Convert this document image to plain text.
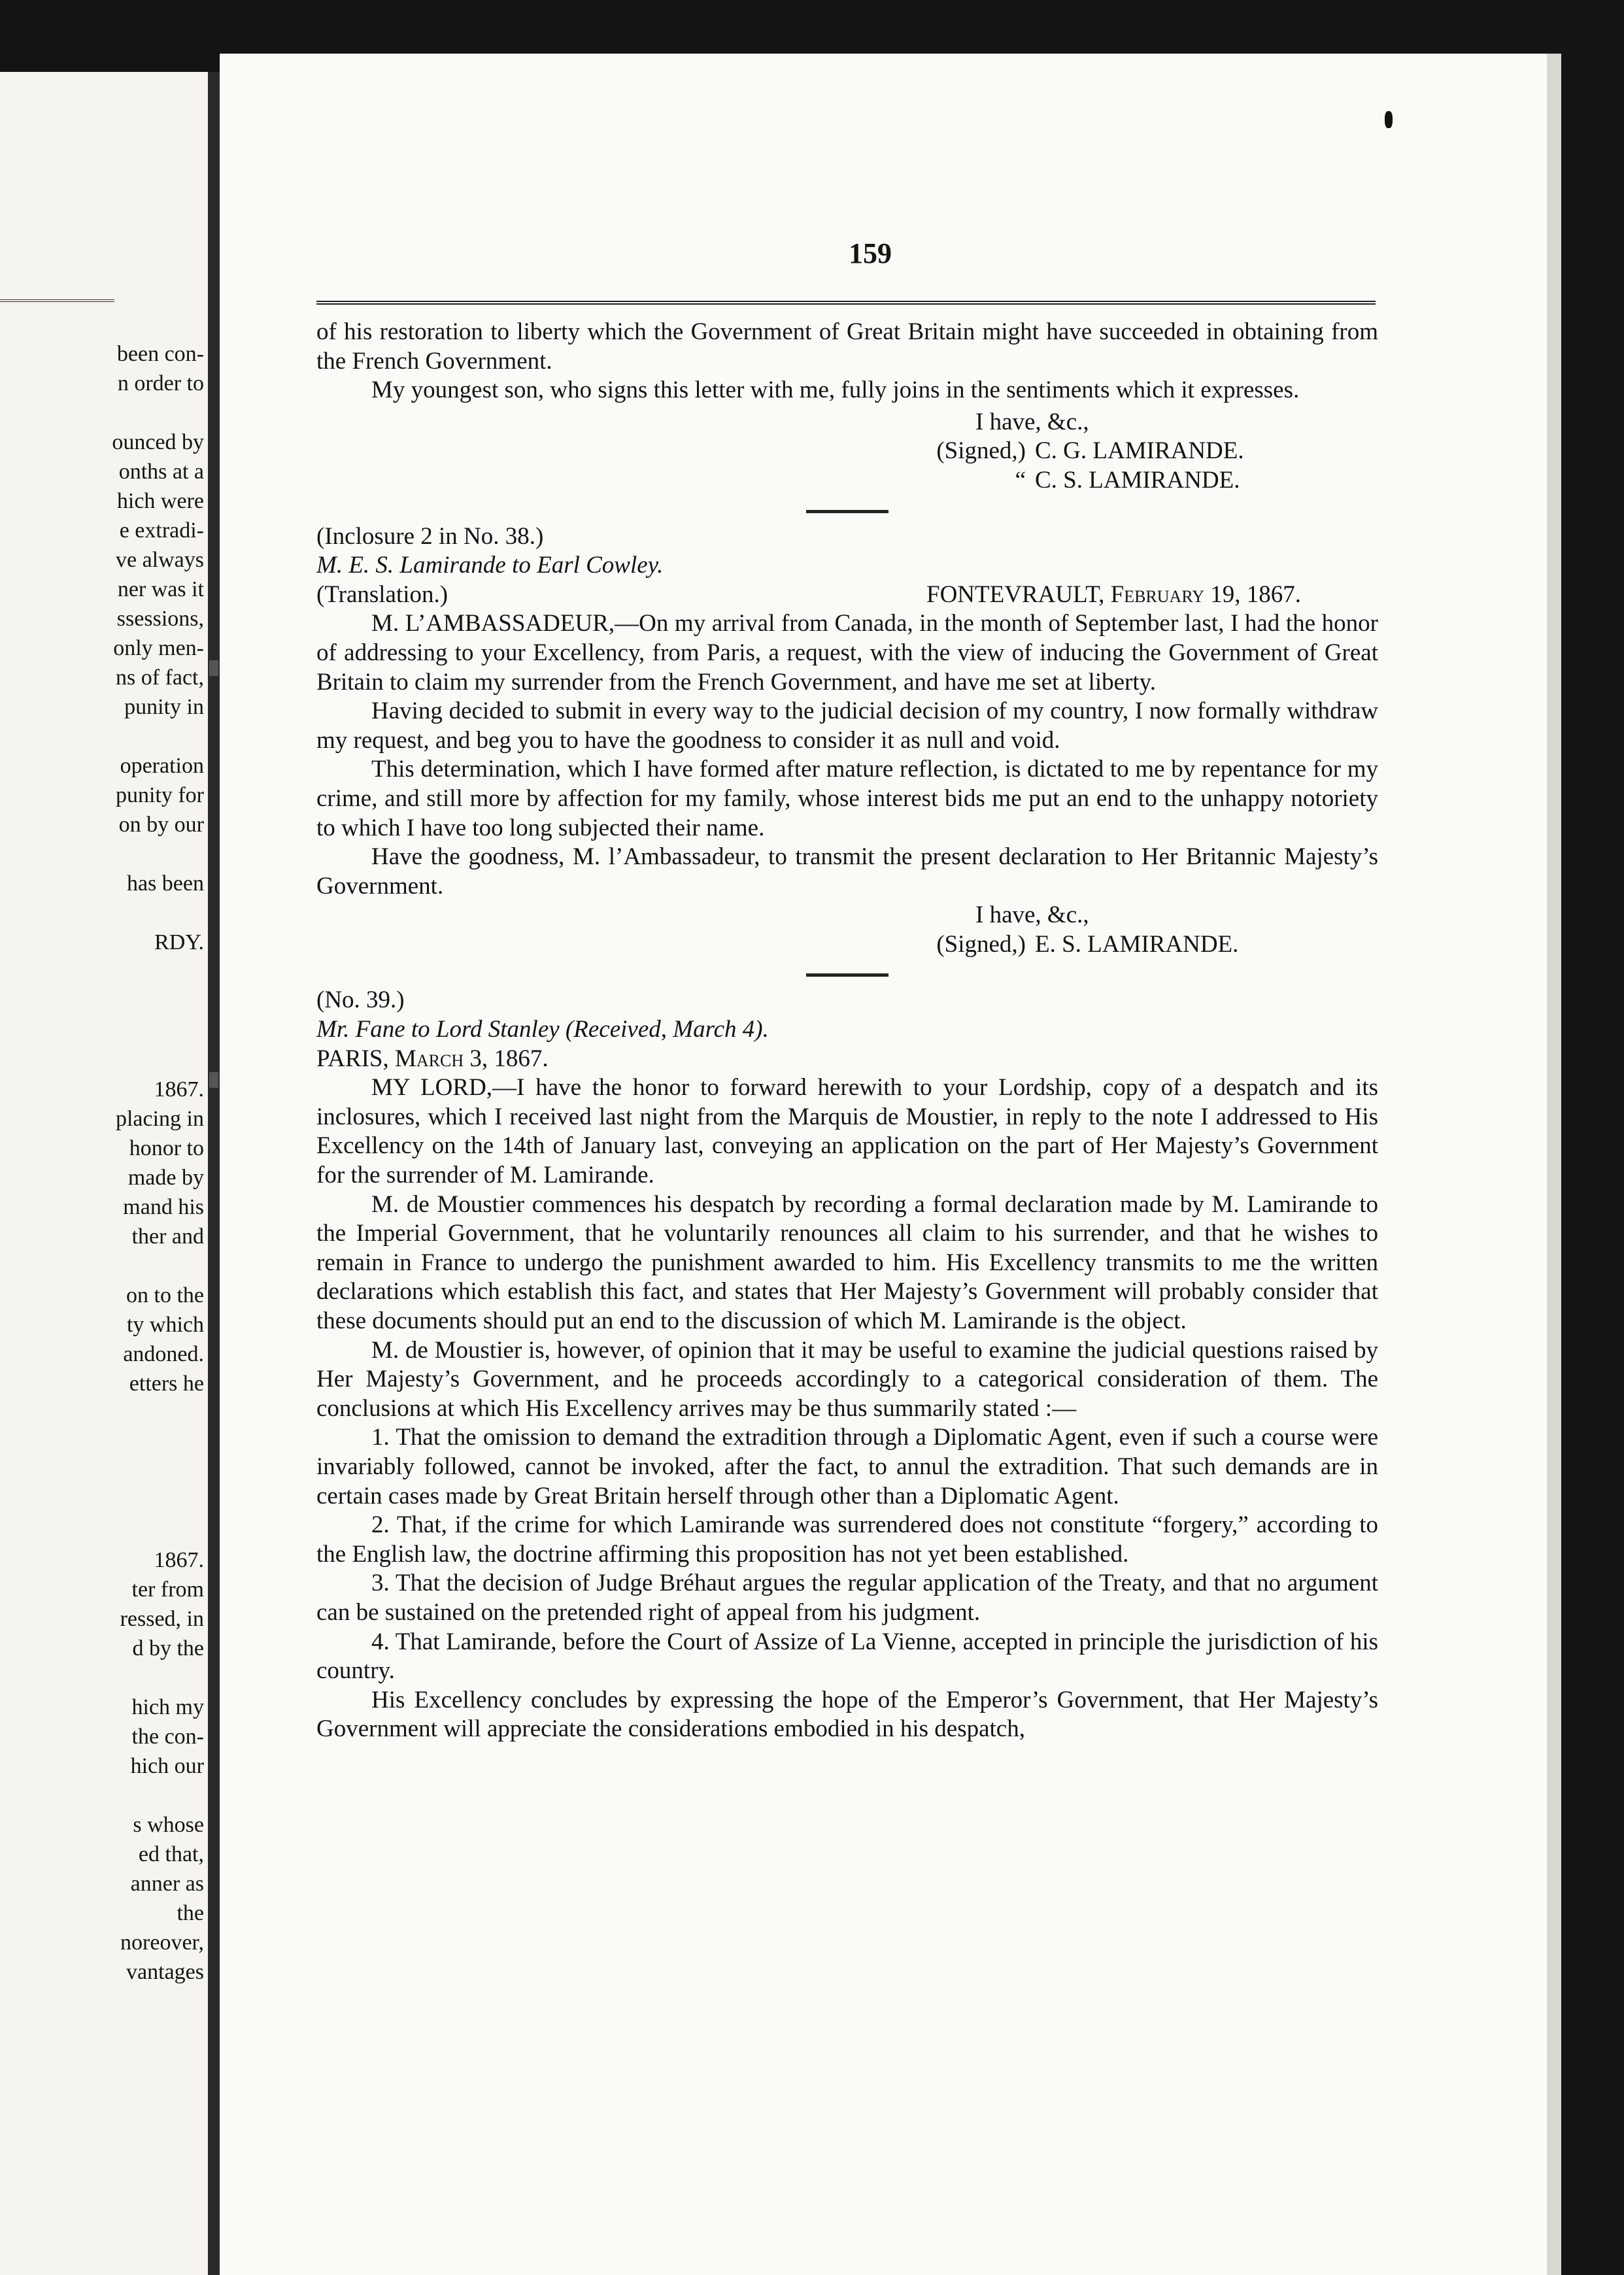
been con-

n order to

ounced by

onths at a

hich were

e extradi-

ve always

ner was it

ssessions,

only men-

ns of fact,

punity in

operation

punity for

on by our

has been

RDY.

1867.

placing in

honor to

made by

mand his

ther and

on to the

ty which

andoned.

etters he

1867.

ter from

ressed, in

d by the

hich my

the con-

hich our

s whose

ed that,

anner as

the

noreover,

vantages

159

of his restoration to liberty which the Government of Great Britain might have succeeded in obtaining from the French Government.

My youngest son, who signs this letter with me, fully joins in the sentiments which it expresses.

I have, &c.,

(Signed,) C. G. LAMIRANDE.

“ C. S. LAMIRANDE.

(Inclosure 2 in No. 38.)

M. E. S. Lamirande to Earl Cowley.

(Translation.)	FONTEVRAULT, February 19, 1867.

M. L’AMBASSADEUR,—On my arrival from Canada, in the month of September last, I had the honor of addressing to your Excellency, from Paris, a request, with the view of inducing the Government of Great Britain to claim my surrender from the French Government, and have me set at liberty.

Having decided to submit in every way to the judicial decision of my country, I now formally withdraw my request, and beg you to have the goodness to consider it as null and void.

This determination, which I have formed after mature reflection, is dictated to me by repentance for my crime, and still more by affection for my family, whose interest bids me put an end to the unhappy notoriety to which I have too long subjected their name.

Have the goodness, M. l’Ambassadeur, to transmit the present declaration to Her Britannic Majesty’s Government.

I have, &c.,

(Signed,) E. S. LAMIRANDE.

(No. 39.)

Mr. Fane to Lord Stanley (Received, March 4).

PARIS, March 3, 1867.

MY LORD,—I have the honor to forward herewith to your Lordship, copy of a despatch and its inclosures, which I received last night from the Marquis de Moustier, in reply to the note I addressed to His Excellency on the 14th of January last, conveying an application on the part of Her Majesty’s Government for the surrender of M. Lamirande.

M. de Moustier commences his despatch by recording a formal declaration made by M. Lamirande to the Imperial Government, that he voluntarily renounces all claim to his surrender, and that he wishes to remain in France to undergo the punishment awarded to him. His Excellency transmits to me the written declarations which establish this fact, and states that Her Majesty’s Government will probably consider that these documents should put an end to the discussion of which M. Lamirande is the object.

M. de Moustier is, however, of opinion that it may be useful to examine the judicial questions raised by Her Majesty’s Government, and he proceeds accordingly to a categorical consideration of them. The conclusions at which His Excellency arrives may be thus summarily stated :—

1. That the omission to demand the extradition through a Diplomatic Agent, even if such a course were invariably followed, cannot be invoked, after the fact, to annul the extradition. That such demands are in certain cases made by Great Britain herself through other than a Diplomatic Agent.

2. That, if the crime for which Lamirande was surrendered does not constitute “forgery,” according to the English law, the doctrine affirming this proposition has not yet been established.

3. That the decision of Judge Bréhaut argues the regular application of the Treaty, and that no argument can be sustained on the pretended right of appeal from his judgment.

4. That Lamirande, before the Court of Assize of La Vienne, accepted in principle the jurisdiction of his country.

His Excellency concludes by expressing the hope of the Emperor’s Government, that Her Majesty’s Government will appreciate the considerations embodied in his despatch,
